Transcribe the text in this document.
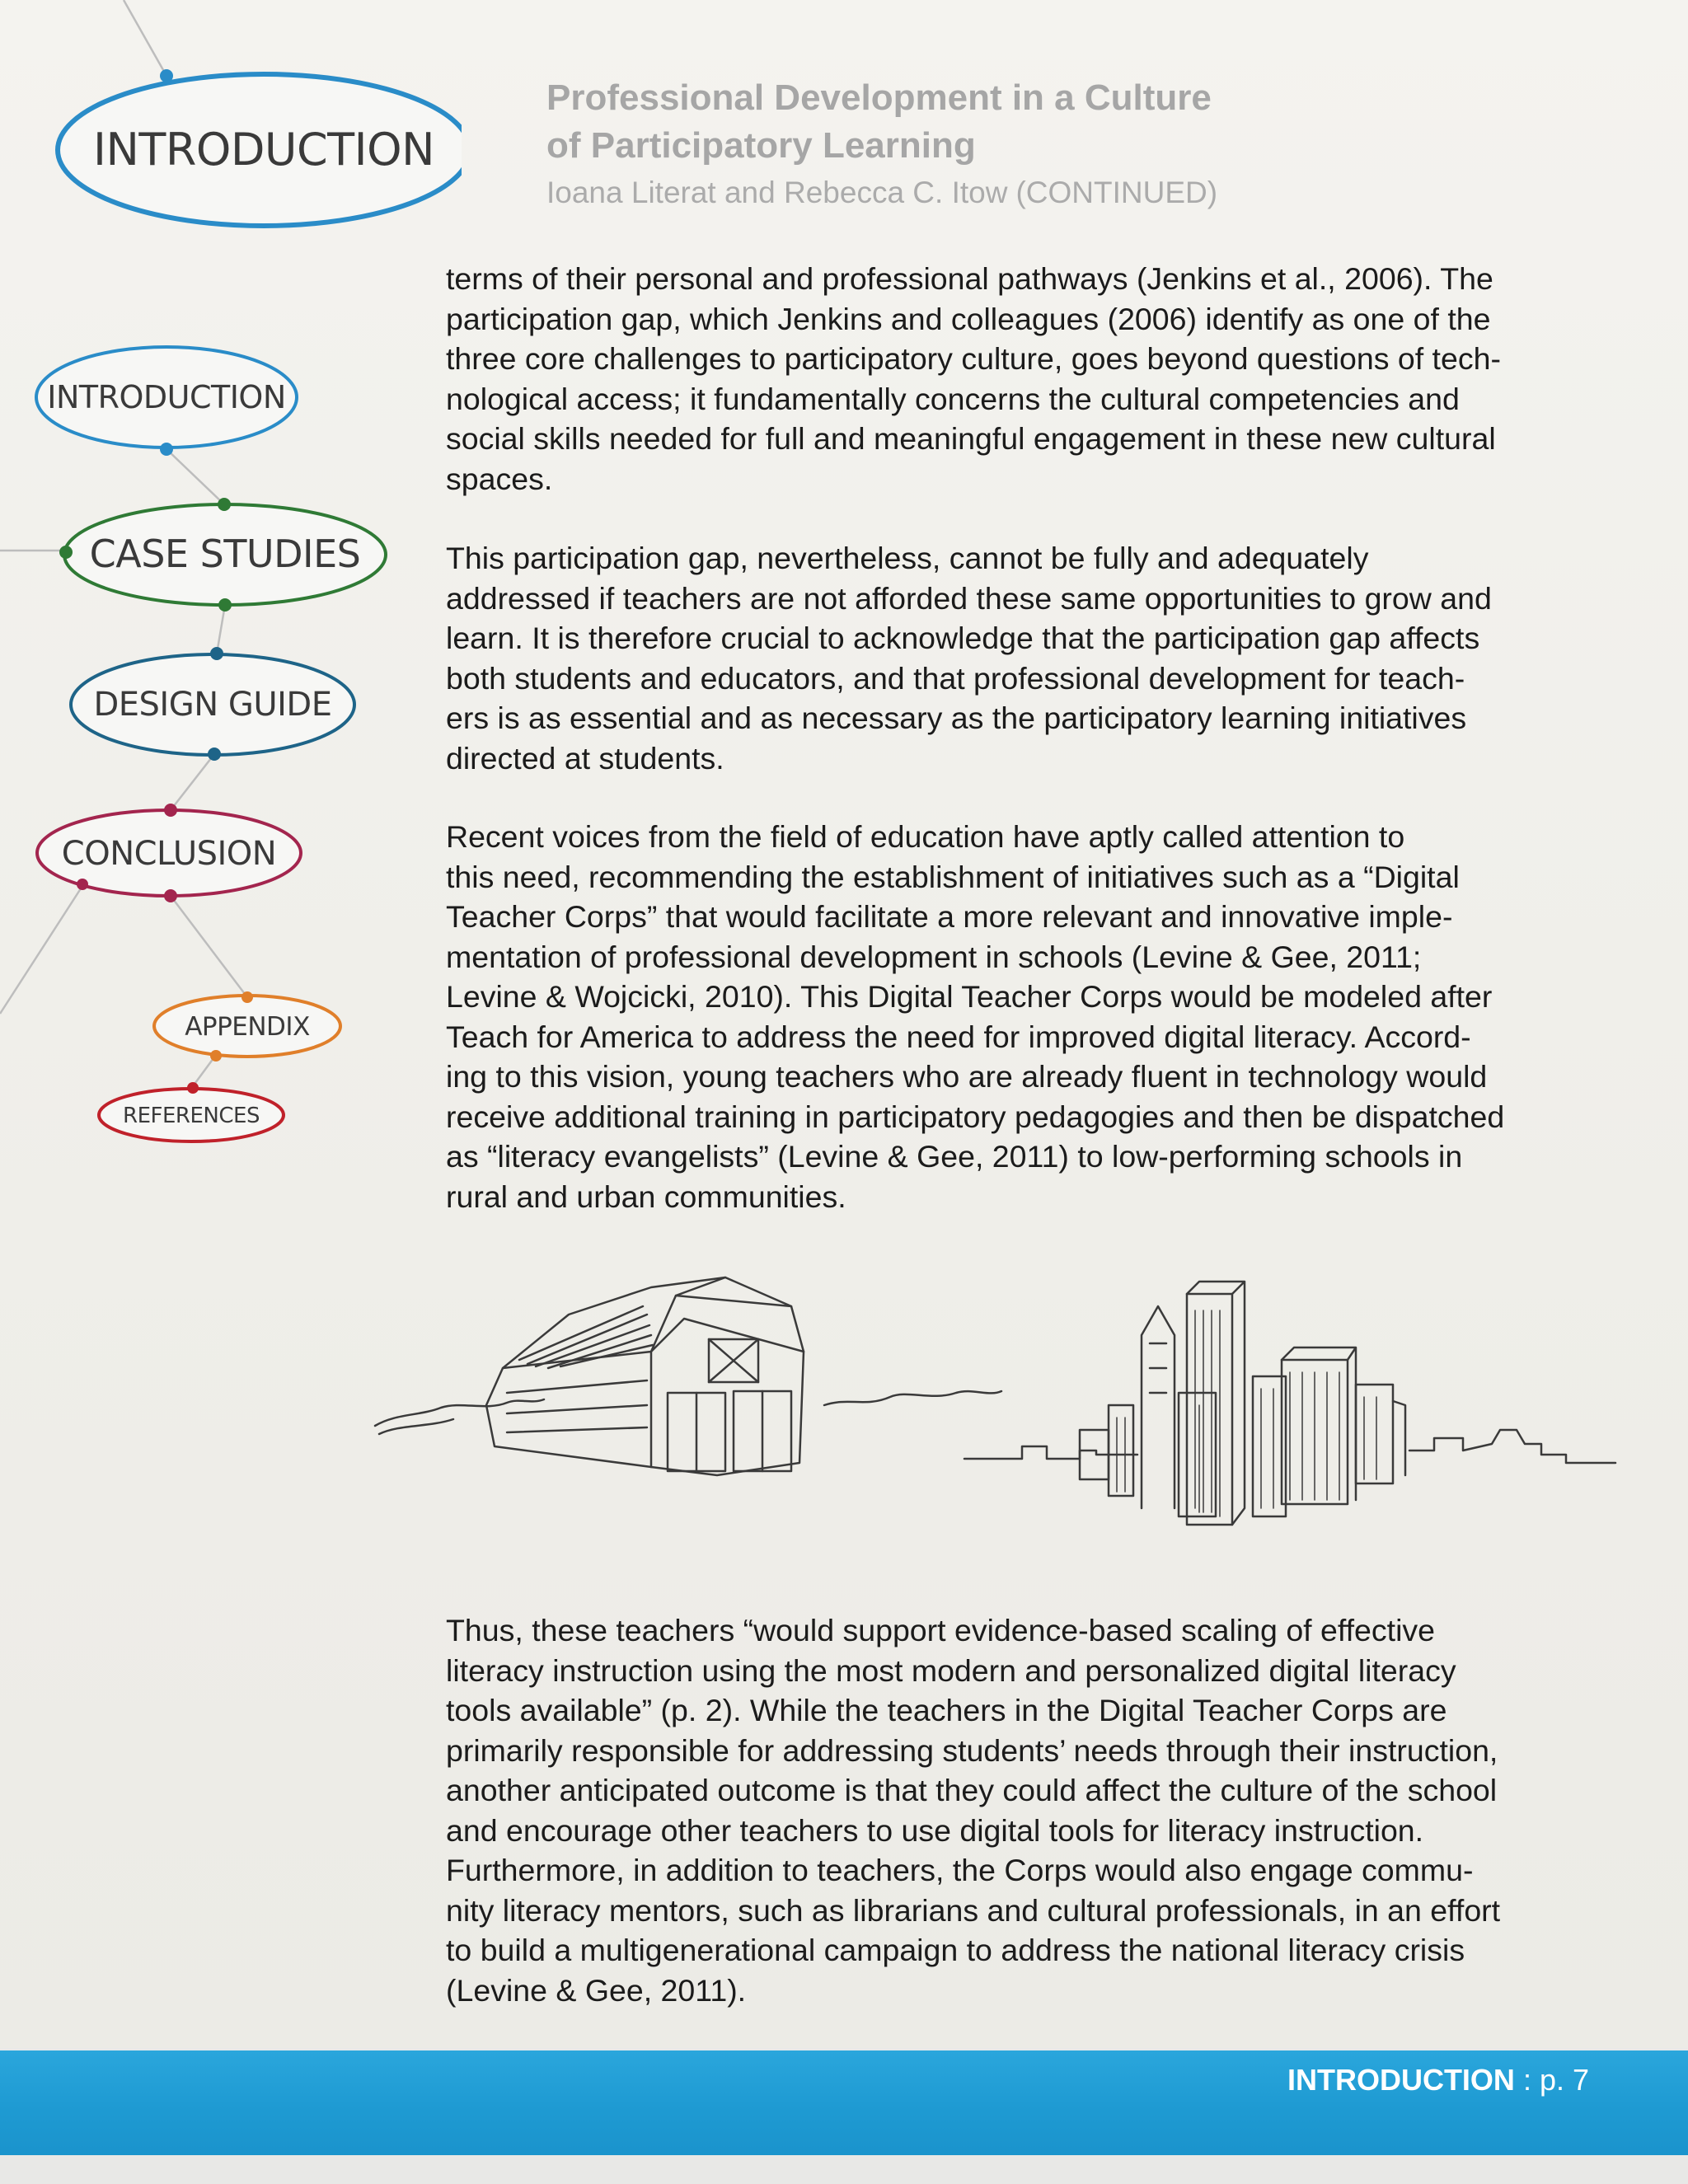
INTRODUCTION
INTRODUCTION
CASE STUDIES
DESIGN GUIDE
CONCLUSION
APPENDIX
REFERENCES
Professional Development in a Culture
of Participatory Learning
Ioana Literat and Rebecca C. Itow (CONTINUED)

terms of their personal and professional pathways (Jenkins et al., 2006). The
participation gap, which Jenkins and colleagues (2006) identify as one of the
three core challenges to participatory culture, goes beyond questions of tech-
nological access; it fundamentally concerns the cultural competencies and
social skills needed for full and meaningful engagement in these new cultural
spaces.

This participation gap, nevertheless, cannot be fully and adequately
addressed if teachers are not afforded these same opportunities to grow and
learn. It is therefore crucial to acknowledge that the participation gap affects
both students and educators, and that professional development for teach-
ers is as essential and as necessary as the participatory learning initiatives
directed at students.

Recent voices from the field of education have aptly called attention to
this need, recommending the establishment of initiatives such as a “Digital
Teacher Corps” that would facilitate a more relevant and innovative imple-
mentation of professional development in schools (Levine & Gee, 2011;
Levine & Wojcicki, 2010). This Digital Teacher Corps would be modeled after
Teach for America to address the need for improved digital literacy. Accord-
ing to this vision, young teachers who are already fluent in technology would
receive additional training in participatory pedagogies and then be dispatched
as “literacy evangelists” (Levine & Gee, 2011) to low-performing schools in
rural and urban communities.

Thus, these teachers “would support evidence-based scaling of effective
literacy instruction using the most modern and personalized digital literacy
tools available” (p. 2). While the teachers in the Digital Teacher Corps are
primarily responsible for addressing students’ needs through their instruction,
another anticipated outcome is that they could affect the culture of the school
and encourage other teachers to use digital tools for literacy instruction.
Furthermore, in addition to teachers, the Corps would also engage commu-
nity literacy mentors, such as librarians and cultural professionals, in an effort
to build a multigenerational campaign to address the national literacy crisis
(Levine & Gee, 2011).

INTRODUCTION : p. 7
